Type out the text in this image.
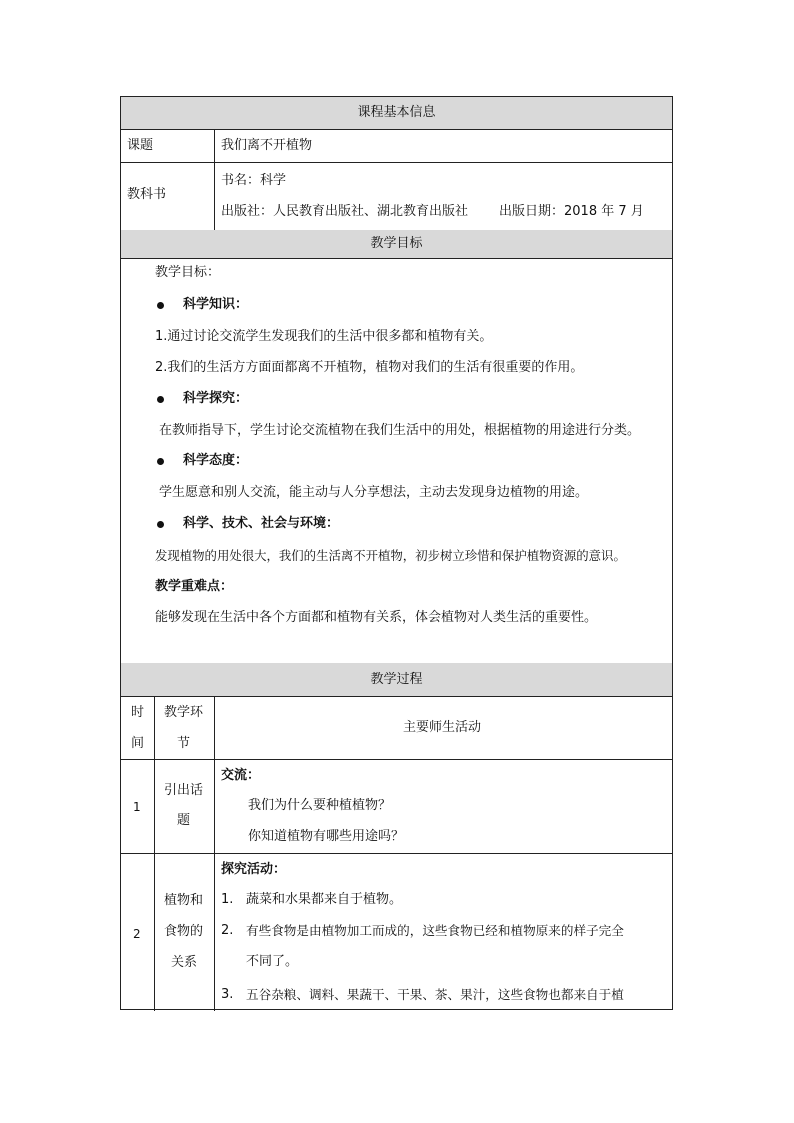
课程基本信息
课题	我们离不开植物
教科书
书名：科学
出版社：人民教育出版社、湖北教育出版社 出版日期：2018 年 7 月
教学目标
教学目标：
科学知识：
1.通过讨论交流学生发现我们的生活中很多都和植物有关。
2.我们的生活方方面面都离不开植物，植物对我们的生活有很重要的作用。
科学探究：
在教师指导下，学生讨论交流植物在我们生活中的用处，根据植物的用途进行分类。
科学态度：
学生愿意和别人交流，能主动与人分享想法，主动去发现身边植物的用途。
科学、技术、社会与环境：
发现植物的用处很大，我们的生活离不开植物，初步树立珍惜和保护植物资源的意识。
教学重难点：
能够发现在生活中各个方面都和植物有关系，体会植物对人类生活的重要性。
教学过程
时
间
教学环
节
主要师生活动
1
引出话
题
交流：
我们为什么要种植植物？
你知道植物有哪些用途吗？
2
植物和
食物的
关系
探究活动：
1. 蔬菜和水果都来自于植物。
2. 有些食物是由植物加工而成的，这些食物已经和植物原来的样子完全
不同了。
3. 五谷杂粮、调料、果蔬干、干果、茶、果汁，这些食物也都来自于植
